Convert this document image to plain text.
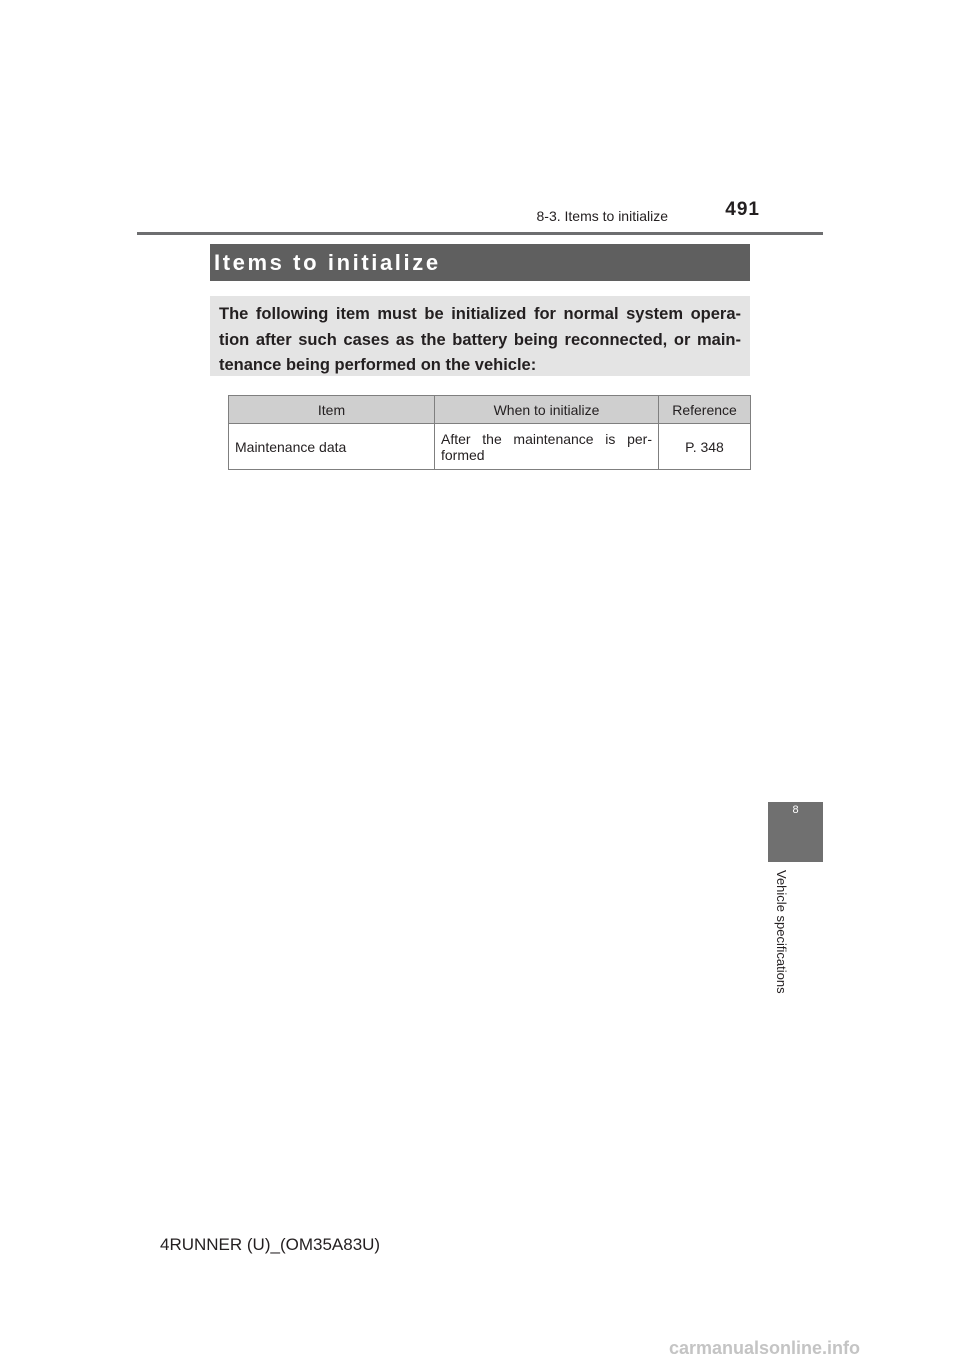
8-3. Items to initialize	491
Items to initialize

The following item must be initialized for normal system opera-tion after such cases as the battery being reconnected, or main-tenance being performed on the vehicle:

Item	When to initialize	Reference
Maintenance data	After the maintenance is per-formed	P. 348
8
Vehicle specifications
4RUNNER (U)_(OM35A83U)
carmanualsonline.info
